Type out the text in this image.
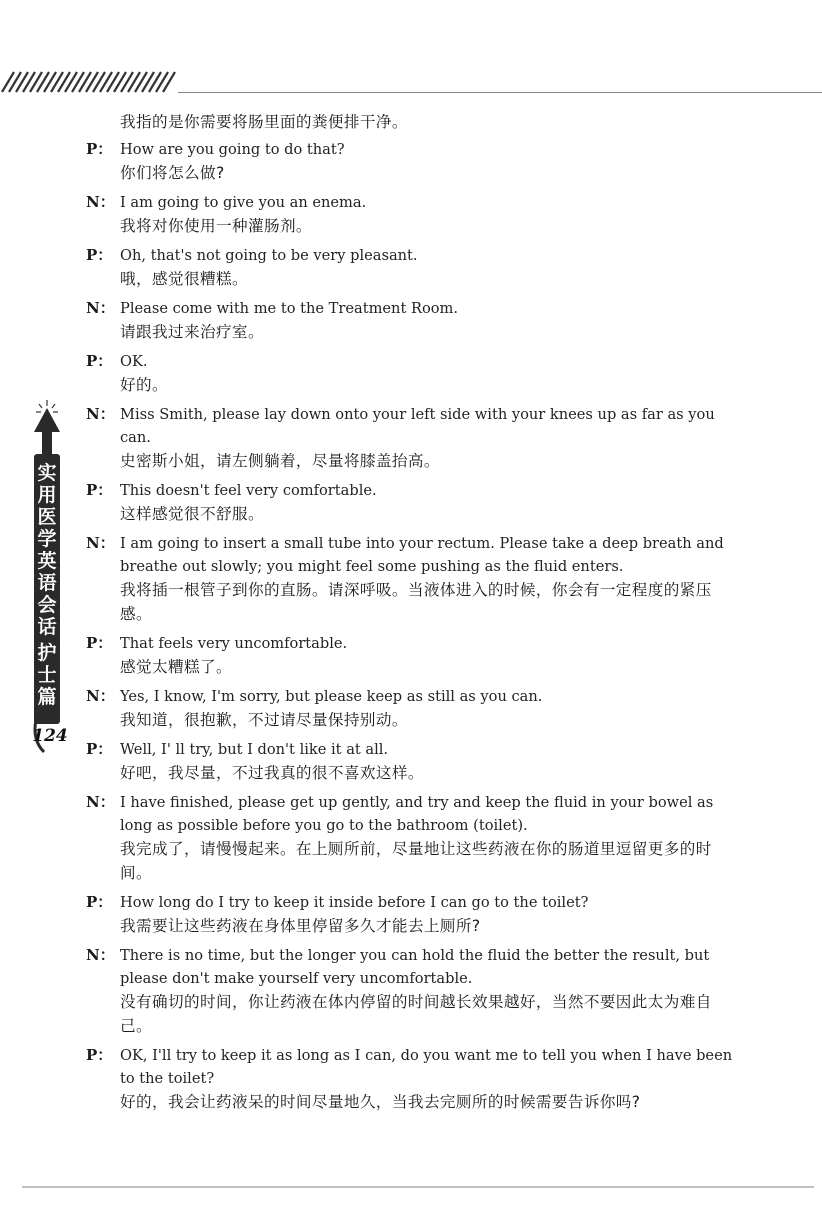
实用医学英语会话
护士篇
124

我指的是你需要将肠里面的粪便排干净。

P： How are you going to do that?

你们将怎么做?

N： I am going to give you an enema.

我将对你使用一种灌肠剂。

P： Oh, that's not going to be very pleasant.

哦，感觉很糟糕。

N： Please come with me to the Treatment Room.

请跟我过来治疗室。

P： OK.

好的。

N： Miss Smith, please lay down onto your left side with your knees up as far as you can.

史密斯小姐，请左侧躺着，尽量将膝盖抬高。

P： This doesn't feel very comfortable.

这样感觉很不舒服。

N： I am going to insert a small tube into your rectum. Please take a deep breath and breathe out slowly; you might feel some pushing as the fluid enters.

我将插一根管子到你的直肠。请深呼吸。当液体进入的时候，你会有一定程度的紧压感。

P： That feels very uncomfortable.

感觉太糟糕了。

N： Yes, I know, I'm sorry, but please keep as still as you can.

我知道，很抱歉，不过请尽量保持别动。

P： Well, I' ll try, but I don't like it at all.

好吧，我尽量，不过我真的很不喜欢这样。

N： I have finished, please get up gently, and try and keep the fluid in your bowel as long as possible before you go to the bathroom (toilet).

我完成了，请慢慢起来。在上厕所前，尽量地让这些药液在你的肠道里逗留更多的时间。

P： How long do I try to keep it inside before I can go to the toilet?

我需要让这些药液在身体里停留多久才能去上厕所?

N： There is no time, but the longer you can hold the fluid the better the result, but please don't make yourself very uncomfortable.

没有确切的时间，你让药液在体内停留的时间越长效果越好，当然不要因此太为难自己。

P： OK, I'll try to keep it as long as I can, do you want me to tell you when I have been to the toilet?

好的，我会让药液呆的时间尽量地久，当我去完厕所的时候需要告诉你吗?
